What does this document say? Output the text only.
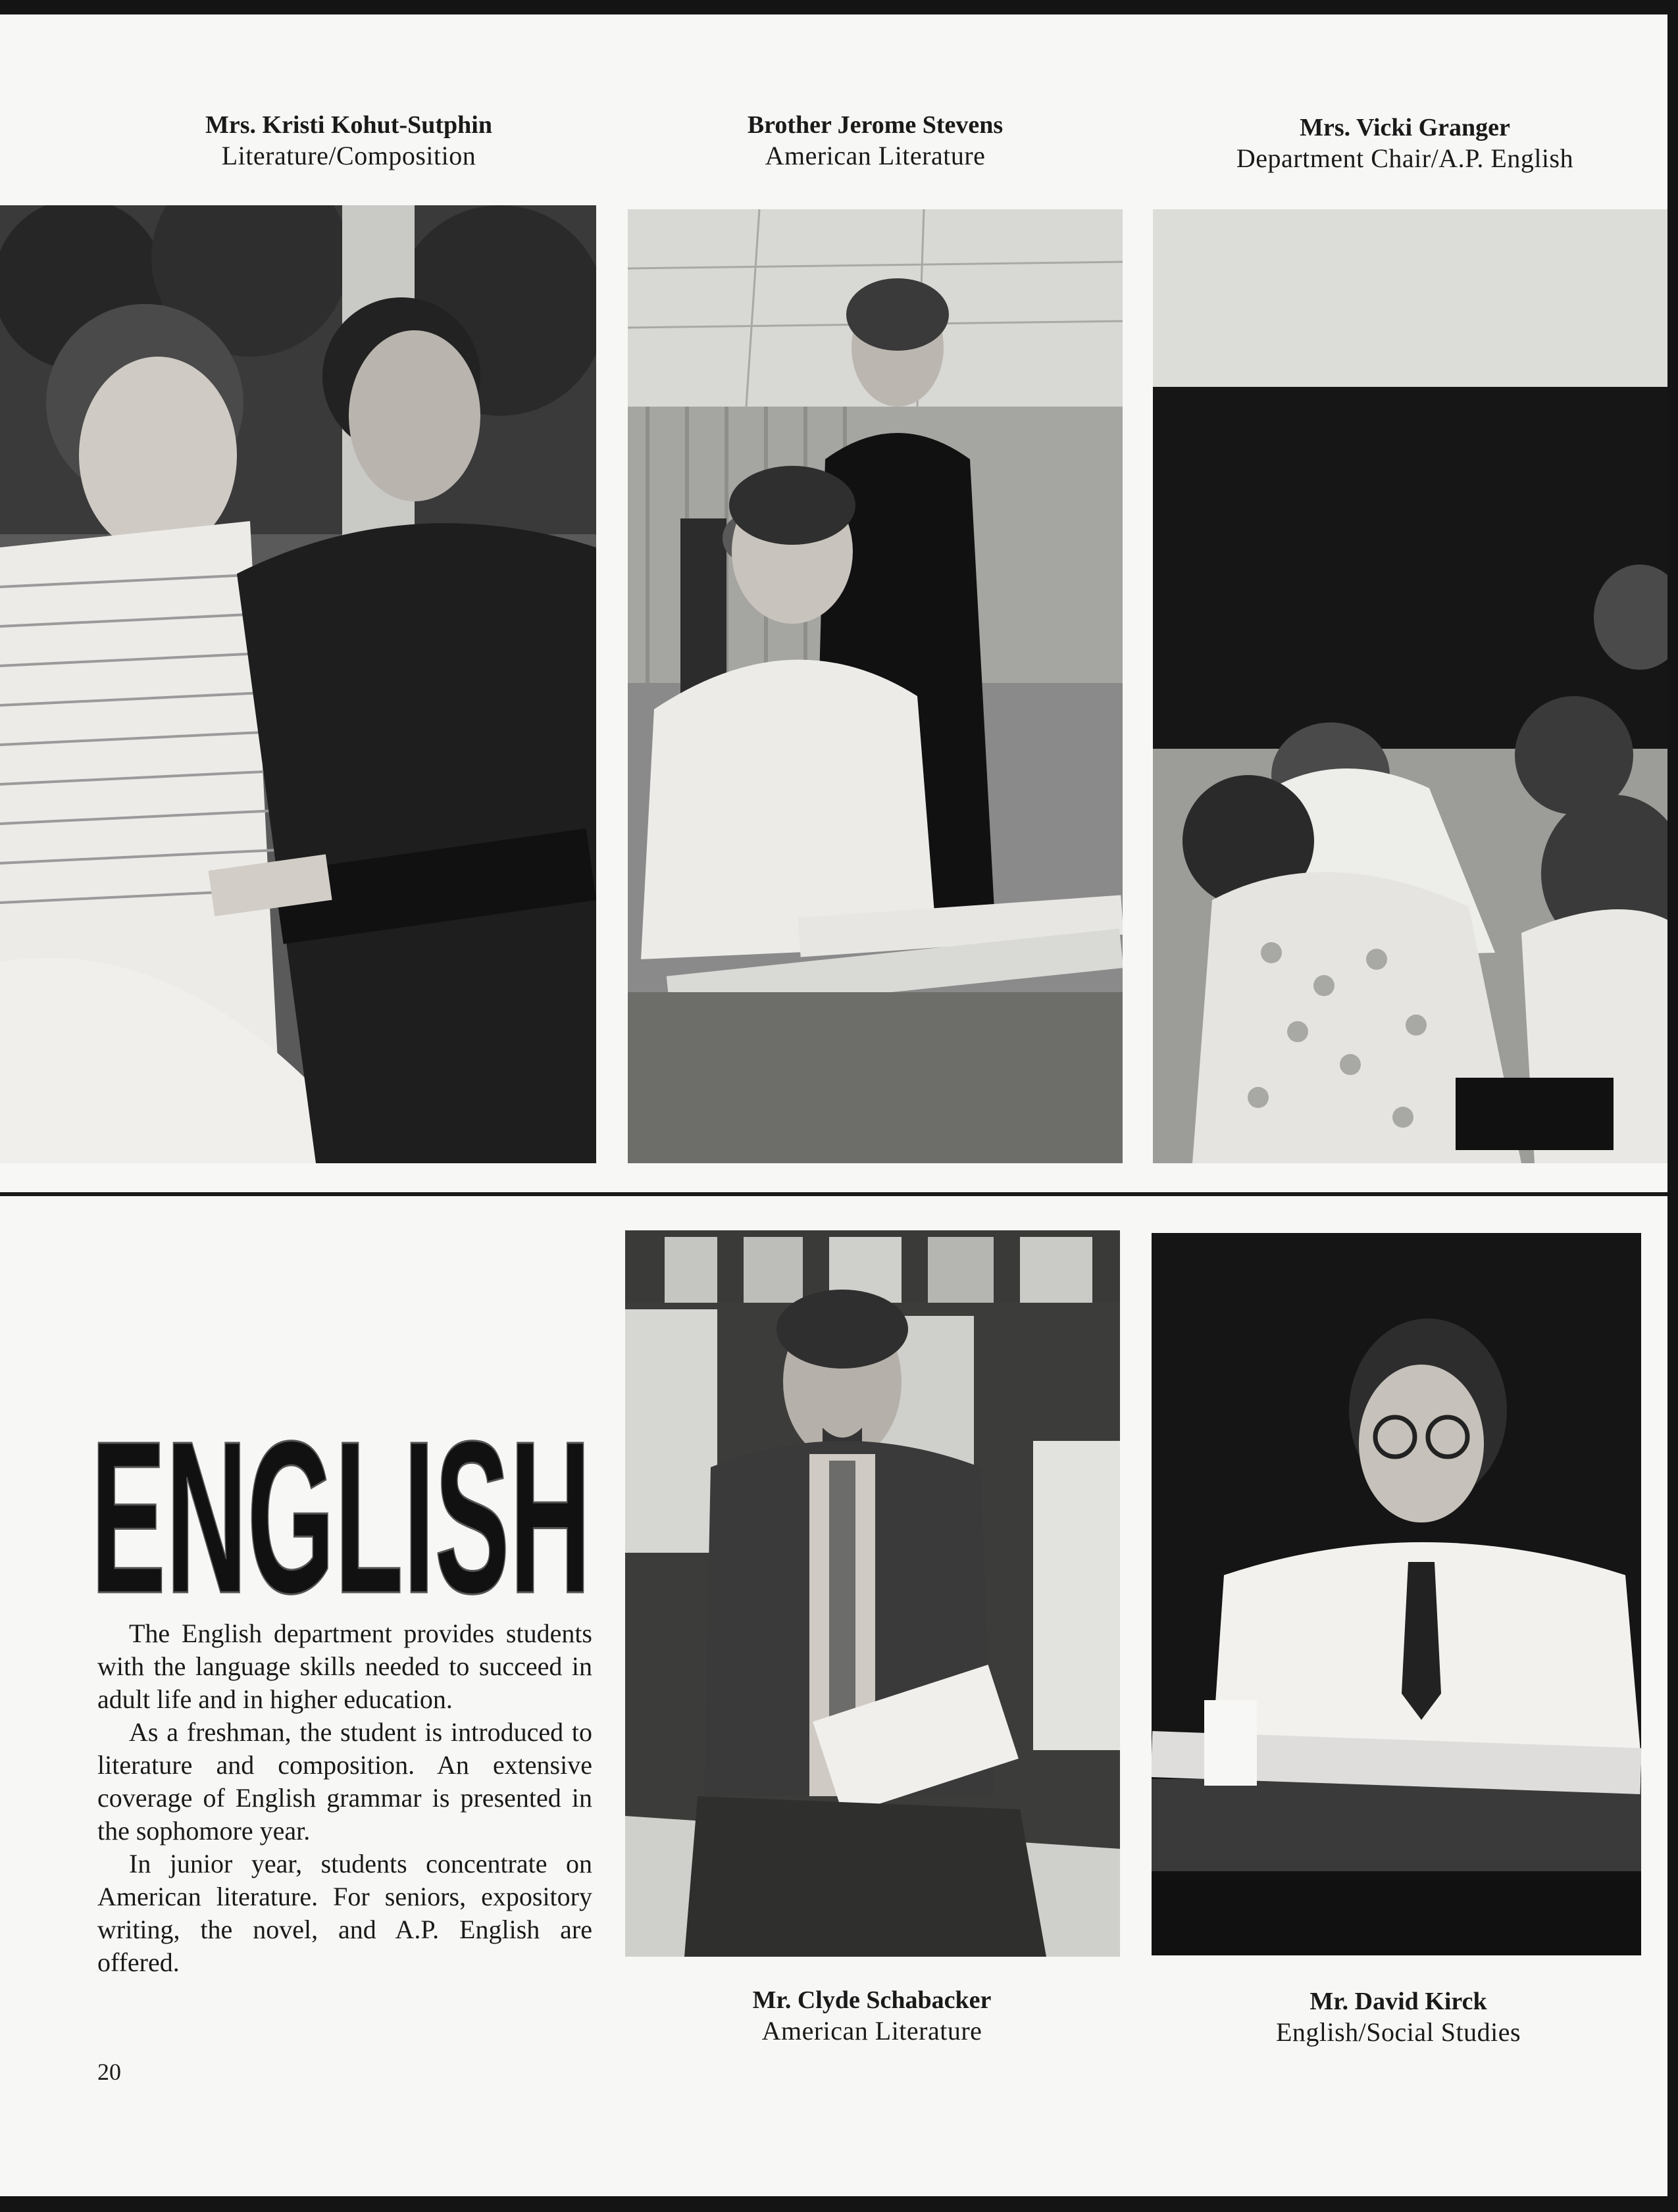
Mrs. Kristi Kohut-Sutphin
Literature/Composition
Brother Jerome Stevens
American Literature
Mrs. Vicki Granger
Department Chair/A.P. English
ENGLISH

The English department provides students with the language skills needed to succeed in adult life and in higher education.

As a freshman, the student is introduced to literature and composition. An extensive coverage of English grammar is presented in the sophomore year.

In junior year, students concentrate on American literature. For seniors, expository writing, the novel, and A.P. English are offered.

20
Mr. Clyde Schabacker
American Literature
Mr. David Kirck
English/Social Studies
